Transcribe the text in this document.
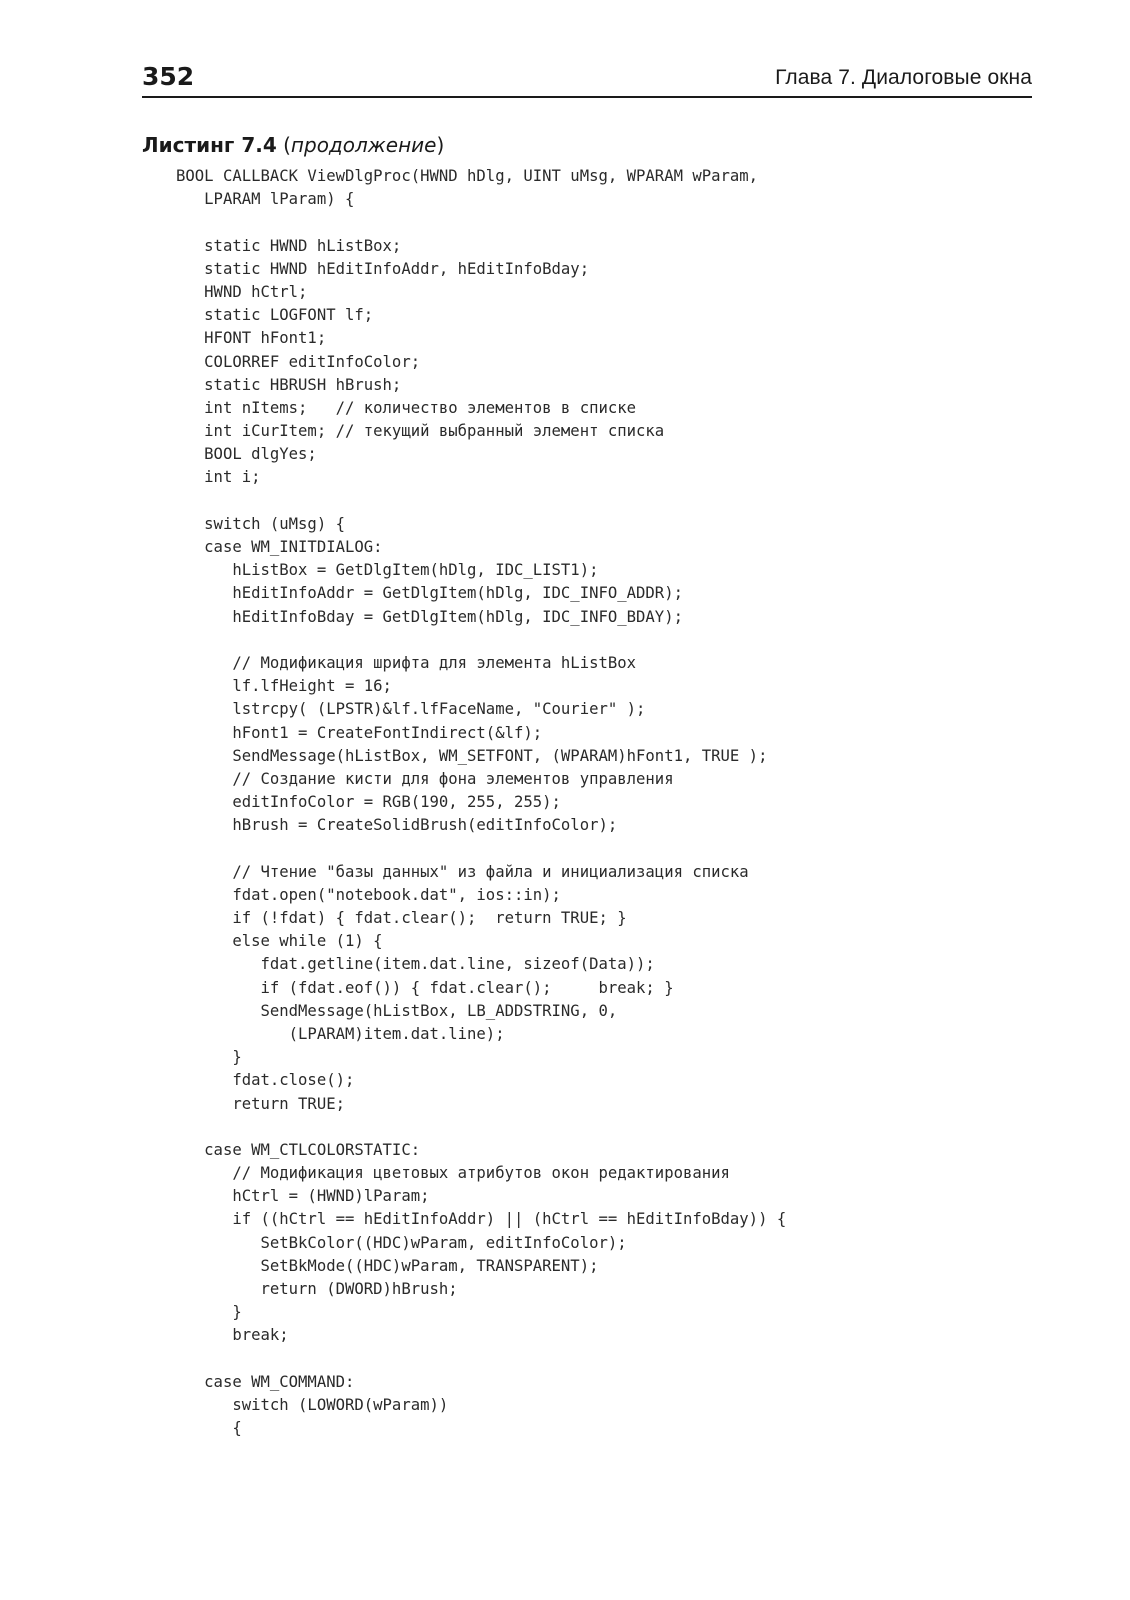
352	Глава 7. Диалоговые окна
Листинг 7.4 (продолжение)
BOOL CALLBACK ViewDlgProc(HWND hDlg, UINT uMsg, WPARAM wParam,
LPARAM lParam) {
static HWND hListBox;
static HWND hEditInfoAddr, hEditInfoBday;
HWND hCtrl;
static LOGFONT lf;
HFONT hFont1;
COLORREF editInfoColor;
static HBRUSH hBrush;
int nItems;   // количество элементов в списке
int iCurItem; // текущий выбранный элемент списка
BOOL dlgYes;
int i;
switch (uMsg) {
case WM_INITDIALOG:
hListBox = GetDlgItem(hDlg, IDC_LIST1);
hEditInfoAddr = GetDlgItem(hDlg, IDC_INFO_ADDR);
hEditInfoBday = GetDlgItem(hDlg, IDC_INFO_BDAY);
// Модификация шрифта для элемента hListBox
lf.lfHeight = 16;
lstrcpy( (LPSTR)&lf.lfFaceName, "Courier" );
hFont1 = CreateFontIndirect(&lf);
SendMessage(hListBox, WM_SETFONT, (WPARAM)hFont1, TRUE );
// Создание кисти для фона элементов управления
editInfoColor = RGB(190, 255, 255);
hBrush = CreateSolidBrush(editInfoColor);
// Чтение "базы данных" из файла и инициализация списка
fdat.open("notebook.dat", ios::in);
if (!fdat) { fdat.clear();  return TRUE; }
else while (1) {
fdat.getline(item.dat.line, sizeof(Data));
if (fdat.eof()) { fdat.clear();     break; }
SendMessage(hListBox, LB_ADDSTRING, 0,
(LPARAM)item.dat.line);
}
fdat.close();
return TRUE;
case WM_CTLCOLORSTATIC:
// Модификация цветовых атрибутов окон редактирования
hCtrl = (HWND)lParam;
if ((hCtrl == hEditInfoAddr) || (hCtrl == hEditInfoBday)) {
SetBkColor((HDC)wParam, editInfoColor);
SetBkMode((HDC)wParam, TRANSPARENT);
return (DWORD)hBrush;
}
break;
case WM_COMMAND:
switch (LOWORD(wParam))
{
